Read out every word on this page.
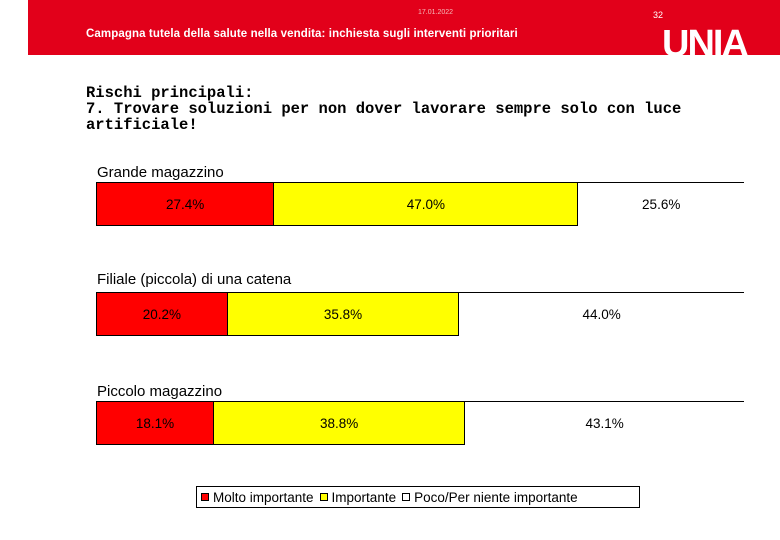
17.01.2022	32
Campagna tutela della salute nella vendita: inchiesta sugli interventi prioritari	UNIA
Rischi principali:
7. Trovare soluzioni per non dover lavorare sempre solo con luce
artificiale!
Grande magazzino
27.4%	47.0%	25.6%
Filiale (piccola) di una catena
20.2%	35.8%	44.0%
Piccolo magazzino
18.1%	38.8%	43.1%
Molto importante Importante Poco/Per niente importante
